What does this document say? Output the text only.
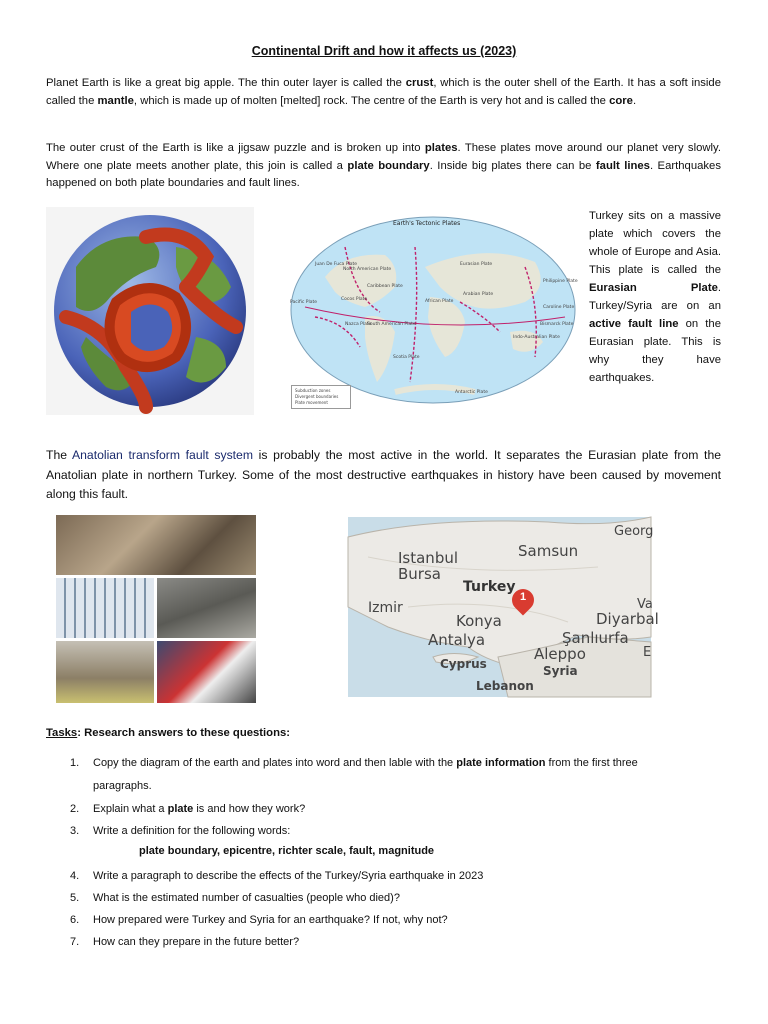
Continental Drift and how it affects us (2023)

Planet Earth is like a great big apple. The thin outer layer is called the crust, which is the outer shell of the Earth. It has a soft inside called the mantle, which is made up of molten [melted] rock. The centre of the Earth is very hot and is called the core.

The outer crust of the Earth is like a jigsaw puzzle and is broken up into plates. These plates move around our planet very slowly. Where one plate meets another plate, this join is called a plate boundary. Inside big plates there can be fault lines. Earthquakes happened on both plate boundaries and fault lines.

Earth's Tectonic Plates
Juan De Fuca Plate
North American Plate
Eurasian Plate
Caribbean Plate
Cocos Plate
Pacific Plate	African Plate
Arabian Plate
Philippine Plate
Nazca Plate
South American Plate
Indo-Australian Plate
Scotia Plate
Antarctic Plate
Caroline Plate
Bismarck Plate
Subduction zones
Divergent boundaries
Plate movement

Turkey sits on a massive plate which covers the whole of Europe and Asia. This plate is called the Eurasian Plate. Turkey/Syria are on an active fault line on the Eurasian plate. This is why they have earthquakes.

The Anatolian transform fault system is probably the most active in the world. It separates the Eurasian plate from the Anatolian plate in northern Turkey. Some of the most destructive earthquakes in history have been caused by movement along this fault.

Istanbul
Bursa
Samsun
Turkey
Izmir
Konya
Antalya
Diyarbal
Şanlıurfa
Aleppo
Cyprus	Syria
Lebanon
Georg
Va
E
1
Tasks: Research answers to these questions:
1. Copy the diagram of the earth and plates into word and then lable with the plate information from the first three
paragraphs.
2. Explain what a plate is and how they work?
3. Write a definition for the following words:
plate boundary, epicentre, richter scale, fault, magnitude
4. Write a paragraph to describe the effects of the Turkey/Syria earthquake in 2023
5. What is the estimated number of casualties (people who died)?
6. How prepared were Turkey and Syria for an earthquake? If not, why not?
7. How can they prepare in the future better?
